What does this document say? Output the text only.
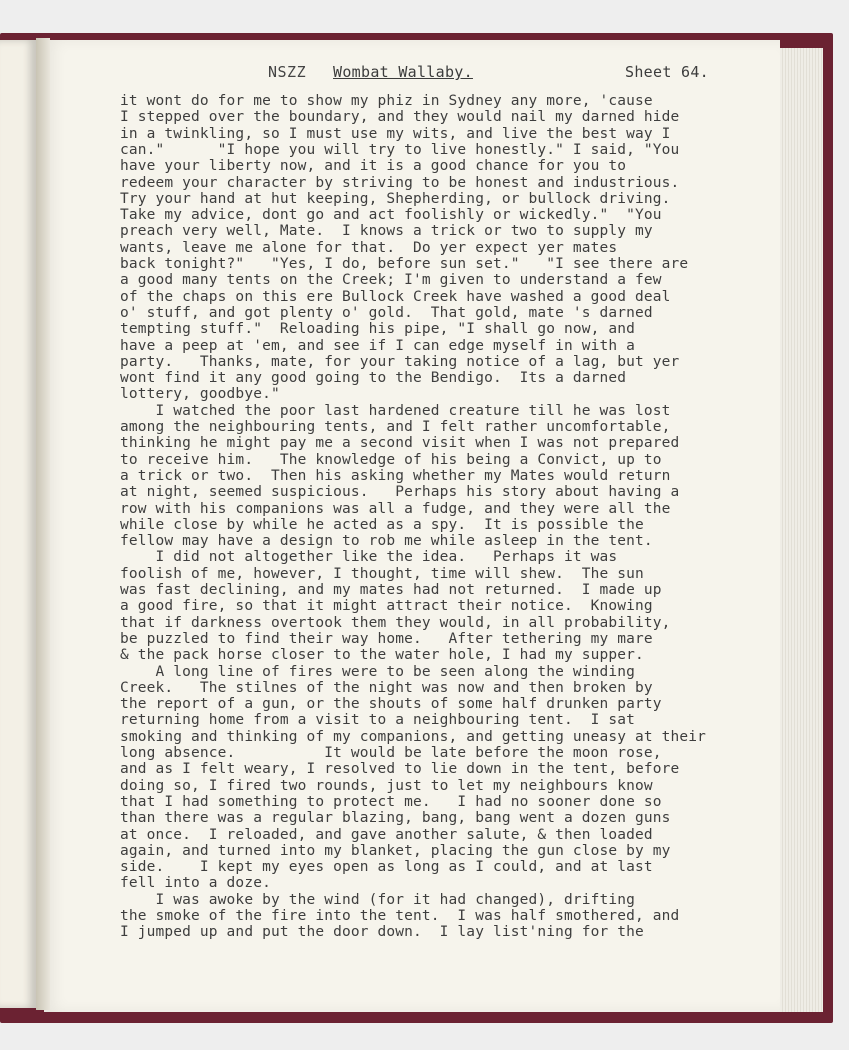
NSZZ Wombat Wallaby.	Sheet 64.
it wont do for me to show my phiz in Sydney any more, 'cause
I stepped over the boundary, and they would nail my darned hide
in a twinkling, so I must use my wits, and live the best way I
can."      "I hope you will try to live honestly." I said, "You
have your liberty now, and it is a good chance for you to
redeem your character by striving to be honest and industrious.
Try your hand at hut keeping, Shepherding, or bullock driving.
Take my advice, dont go and act foolishly or wickedly."  "You
preach very well, Mate.  I knows a trick or two to supply my
wants, leave me alone for that.  Do yer expect yer mates
back tonight?"   "Yes, I do, before sun set."   "I see there are
a good many tents on the Creek; I'm given to understand a few
of the chaps on this ere Bullock Creek have washed a good deal
o' stuff, and got plenty o' gold.  That gold, mate 's darned
tempting stuff."  Reloading his pipe, "I shall go now, and
have a peep at 'em, and see if I can edge myself in with a
party.   Thanks, mate, for your taking notice of a lag, but yer
wont find it any good going to the Bendigo.  Its a darned
lottery, goodbye."
I watched the poor last hardened creature till he was lost
among the neighbouring tents, and I felt rather uncomfortable,
thinking he might pay me a second visit when I was not prepared
to receive him.   The knowledge of his being a Convict, up to
a trick or two.  Then his asking whether my Mates would return
at night, seemed suspicious.   Perhaps his story about having a
row with his companions was all a fudge, and they were all the
while close by while he acted as a spy.  It is possible the
fellow may have a design to rob me while asleep in the tent.
I did not altogether like the idea.   Perhaps it was
foolish of me, however, I thought, time will shew.  The sun
was fast declining, and my mates had not returned.  I made up
a good fire, so that it might attract their notice.  Knowing
that if darkness overtook them they would, in all probability,
be puzzled to find their way home.   After tethering my mare
& the pack horse closer to the water hole, I had my supper.
A long line of fires were to be seen along the winding
Creek.   The stilnes of the night was now and then broken by
the report of a gun, or the shouts of some half drunken party
returning home from a visit to a neighbouring tent.  I sat
smoking and thinking of my companions, and getting uneasy at their
long absence.          It would be late before the moon rose,
and as I felt weary, I resolved to lie down in the tent, before
doing so, I fired two rounds, just to let my neighbours know
that I had something to protect me.   I had no sooner done so
than there was a regular blazing, bang, bang went a dozen guns
at once.  I reloaded, and gave another salute, & then loaded
again, and turned into my blanket, placing the gun close by my
side.    I kept my eyes open as long as I could, and at last
fell into a doze.
I was awoke by the wind (for it had changed), drifting
the smoke of the fire into the tent.  I was half smothered, and
I jumped up and put the door down.  I lay list'ning for the
